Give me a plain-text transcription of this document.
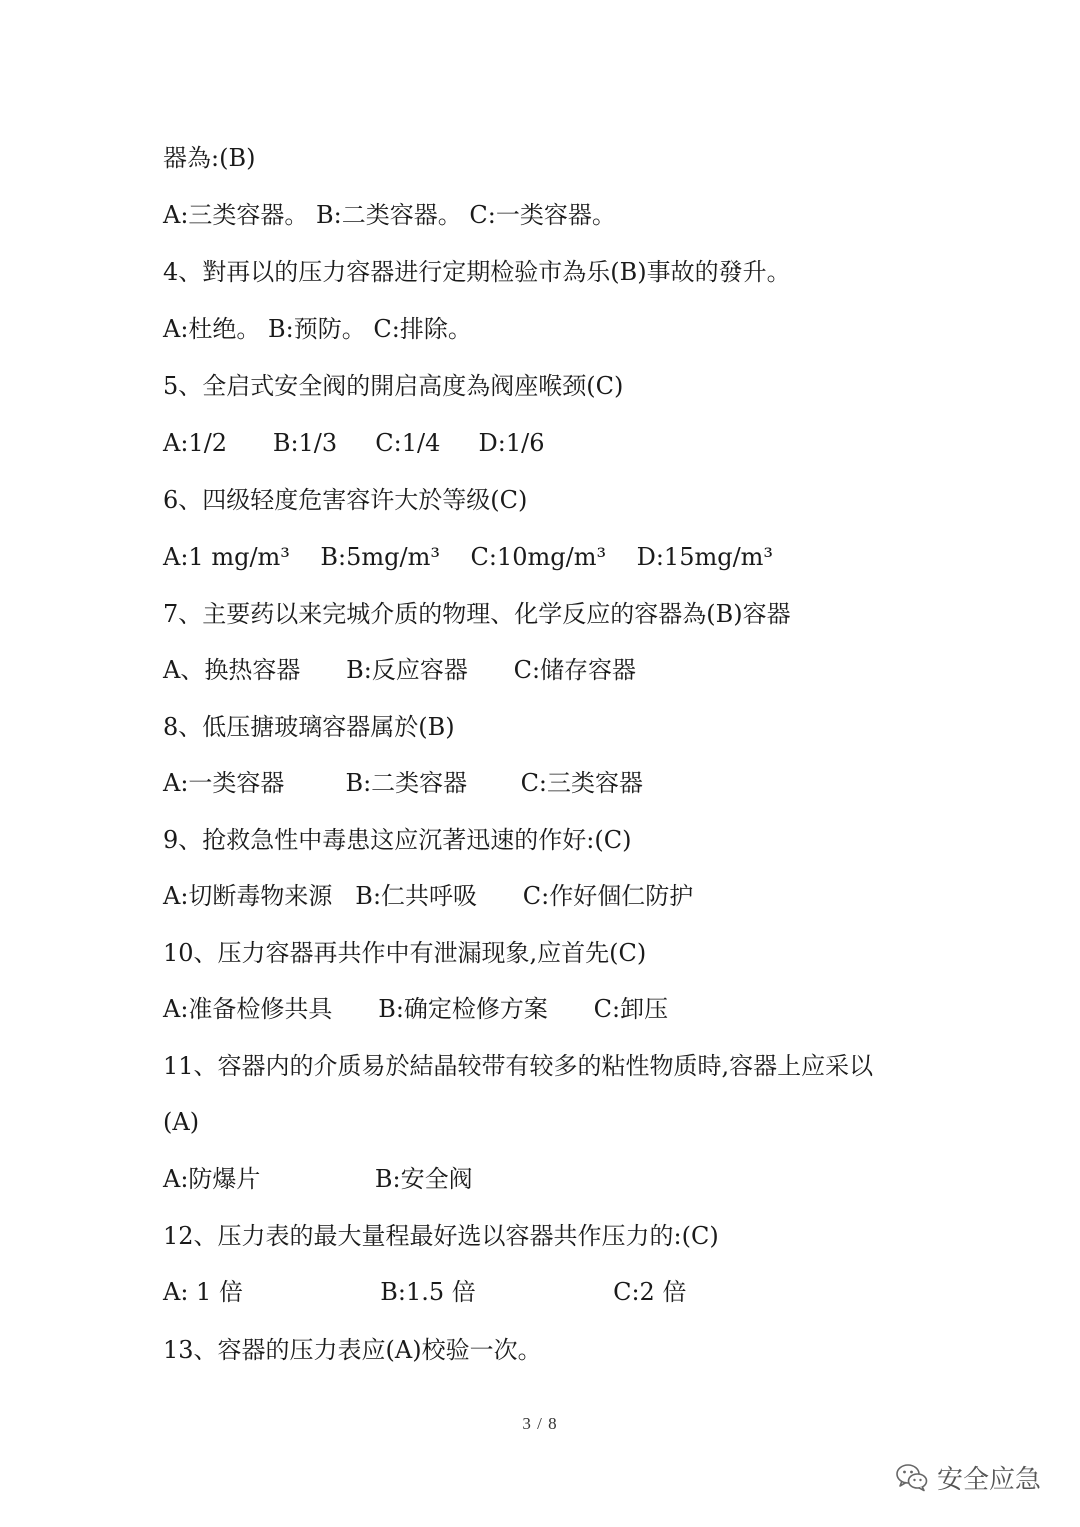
器為:(B)
A:三类容器。 B:二类容器。 C:一类容器。
4、對再以的压力容器进行定期检验市為乐(B)事故的發升。
A:杜绝。 B:预防。 C:排除。
5、全启式安全阀的開启高度為阀座喉颈(C)
A:1/2      B:1/3     C:1/4     D:1/6
6、四级轻度危害容许大於等级(C)
A:1 mg/m³    B:5mg/m³    C:10mg/m³    D:15mg/m³
7、主要药以来完城介质的物理、化学反应的容器為(B)容器
A、换热容器      B:反应容器      C:储存容器
8、低压搪玻璃容器属於(B)
A:一类容器        B:二类容器       C:三类容器
9、抢救急性中毒患这应沉著迅速的作好:(C)
A:切断毒物来源   B:仁共呼吸      C:作好個仁防护
10、压力容器再共作中有泄漏现象,应首先(C)
A:准备检修共具      B:确定检修方案      C:卸压
11、容器内的介质易於結晶较带有较多的粘性物质時,容器上应采以
(A)
A:防爆片               B:安全阀
12、压力表的最大量程最好选以容器共作压力的:(C)
A: 1 倍                  B:1.5 倍                  C:2 倍
13、容器的压力表应(A)校验一次。
3 / 8
安全应急
